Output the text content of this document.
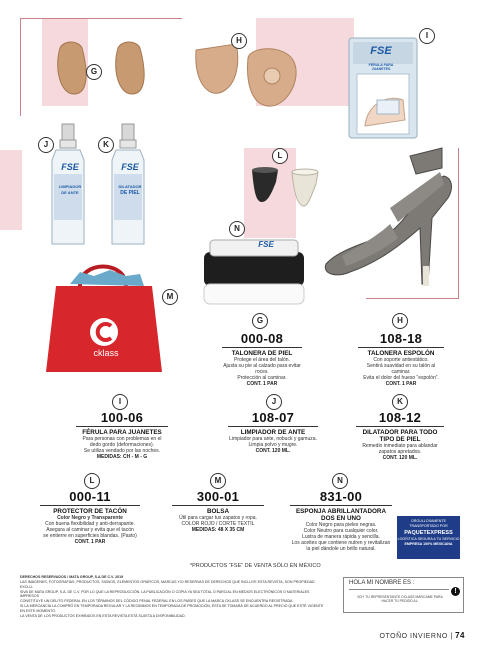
G
H
FSE
FERULA PARA JUANETES
I
FSE
LIMPIADOR
DE ANTE
FSE
DILATADOR
DE PIEL
J	K
L
FSE
N
cklass
M
G
000-08
TALONERA DE PIEL
Protege el área del talón.
Ajusta su pie al calzado para evitar roces.
Protección al caminar.
CONT. 1 PAR
H
108-18
TALONERA ESPOLÓN
Con soporte antiestático.
Sentirá suavidad en su talón al caminar.
Evita el dolor del hueso “espolón”.
CONT. 1 PAR
I
100-06
FÉRULA PARA JUANETES
Para personas con problemas en el
dedo gordo (deformaciones).
Se utiliza vendado por las noches.
MEDIDAS: CH - M - G
J
108-07
LIMPIADOR DE ANTE
Limpiador para ante, nobuck y gamuza.
Limpia polvo y mugre.
CONT. 120 ML.
K
108-12
DILATADOR PARA TODO TIPO DE PIEL
Remedio inmediato para ablandar
zapatos apretados.
CONT. 120 ML.
L
000-11
PROTECTOR DE TACÓN
Color Negro y Transparente
Con buena flexibilidad y anti-derrapante.
Asegura al caminar y evita que el tacón
se entierre en superficies blandas. (Pasto)
CONT. 1 PAR
M
300-01
BOLSA
Útil para cargar tus zapatos y ropa.
COLOR ROJO / CORTE TEXTIL
MEDIDAS: 48 X 35 CM
N
831-00
ESPONJA ABRILLANTADORA DOS EN UNO
Color Negro para pieles negras.
Color Neutro para cualquier color.
Lustra de manera rápida y sencilla.
Los aceites que contiene nutren y revitalizan
la piel dándole un brillo natural.
ORGULLOSAMENTE
TRANSPORTADO POR
PAQUETEXPRESS
LOGÍSTICA SEGURA A TU SERVICIO
EMPRESA 100% MEXICANA
*PRODUCTOS “FSE” DE VENTA SÓLO EN MÉXICO

DERECHOS RESERVADOS / MATA GROUP, S.A DE C.V. 2019

LAS IMÁGENES, FOTOGRAFÍAS, PRODUCTOS, SIGNOS, ELEMENTOS GRÁFICOS, MARCAS Y/O RESERVAS DE DERECHOS QUE INCLUYE ESTA REVISTA, SON PROPIEDAD EXCLU-

SIVA DE MATA GROUP, S.A. DE C.V. POR LO QUE LA REPRODUCCIÓN, LA PUBLICACIÓN O COPIA YA SEA TOTAL O PARCIAL EN MEDIOS ELECTRÓNICOS O MATERIALES IMPRESOS

CONSTITUYE UN DELITO FEDERAL EN LOS TÉRMINOS DEL CÓDIGO PENAL FEDERAL EN LOS PAÍSES QUE LA MARCA CKLASS SE ENCUENTRA REGISTRADA.

SI LA MERCANCÍA LA COMPRÓ EN TEMPORADA REGULAR Y LA RECIBIMOS EN TEMPORADA DE PROMOCIÓN, ÉSTA SE TOMARÁ DE ACUERDO AL PRECIO QUE ESTÉ VIGENTE

EN ESTE MOMENTO.

LA VENTA DE LOS PRODUCTOS EXHIBIDOS EN ESTA REVISTA ESTÁ SUJETA A DISPONIBILIDAD.

HOLA MI NOMBRE ES :
SOY TU REPRESENTANTE CKLASS MÁRCAME PARA HACER TU PEDIDO AL:
!
OTOÑO INVIERNO | 74
